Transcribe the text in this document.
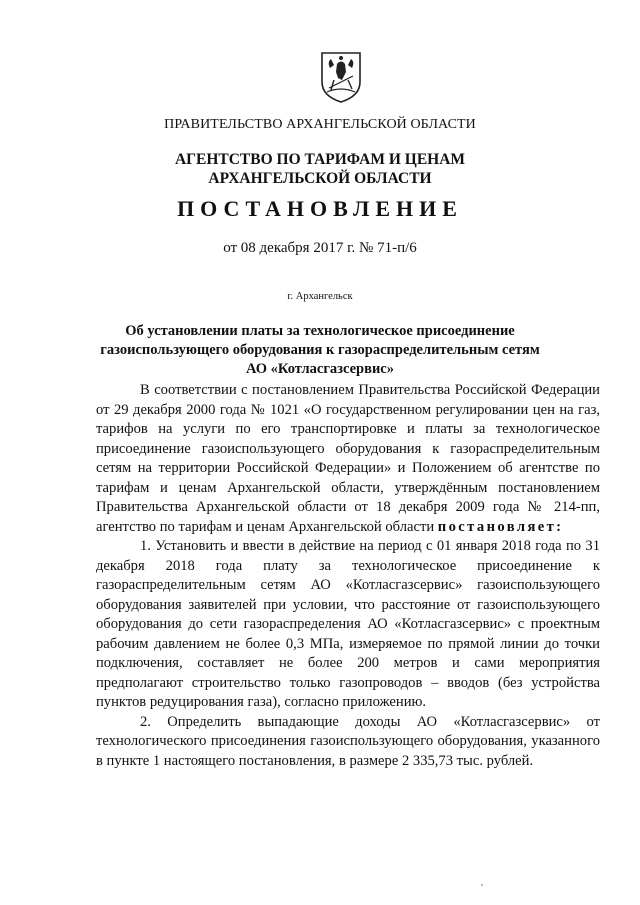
ПРАВИТЕЛЬСТВО АРХАНГЕЛЬСКОЙ ОБЛАСТИ
АГЕНТСТВО ПО ТАРИФАМ И ЦЕНАМ
АРХАНГЕЛЬСКОЙ ОБЛАСТИ
ПОСТАНОВЛЕНИЕ
от 08 декабря 2017 г. № 71-п/6
г. Архангельск
Об установлении платы за технологическое присоединение
газоиспользующего оборудования к газораспределительным сетям
АО «Котласгазсервис»

В соответствии с постановлением Правительства Российской Федерации от 29 декабря 2000 года № 1021 «О государственном регулировании цен на газ, тарифов на услуги по его транспортировке и платы за технологическое присоединение газоиспользующего оборудования к газораспределительным сетям на территории Российской Федерации» и Положением об агентстве по тарифам и ценам Архангельской области, утверждённым постановлением Правительства Архангельской области от 18 декабря 2009 года № 214-пп, агентство по тарифам и ценам Архангельской области постановляет:

1. Установить и ввести в действие на период с 01 января 2018 года по 31 декабря 2018 года плату за технологическое присоединение к газораспределительным сетям АО «Котласгазсервис» газоиспользующего оборудования заявителей при условии, что расстояние от газоиспользующего оборудования до сети газораспределения АО «Котласгазсервис» с проектным рабочим давлением не более 0,3 МПа, измеряемое по прямой линии до точки подключения, составляет не более 200 метров и сами мероприятия предполагают строительство только газопроводов – вводов (без устройства пунктов редуцирования газа), согласно приложению.

2. Определить выпадающие доходы АО «Котласгазсервис» от технологического присоединения газоиспользующего оборудования, указанного в пункте 1 настоящего постановления, в размере 2 335,73 тыс. рублей.
